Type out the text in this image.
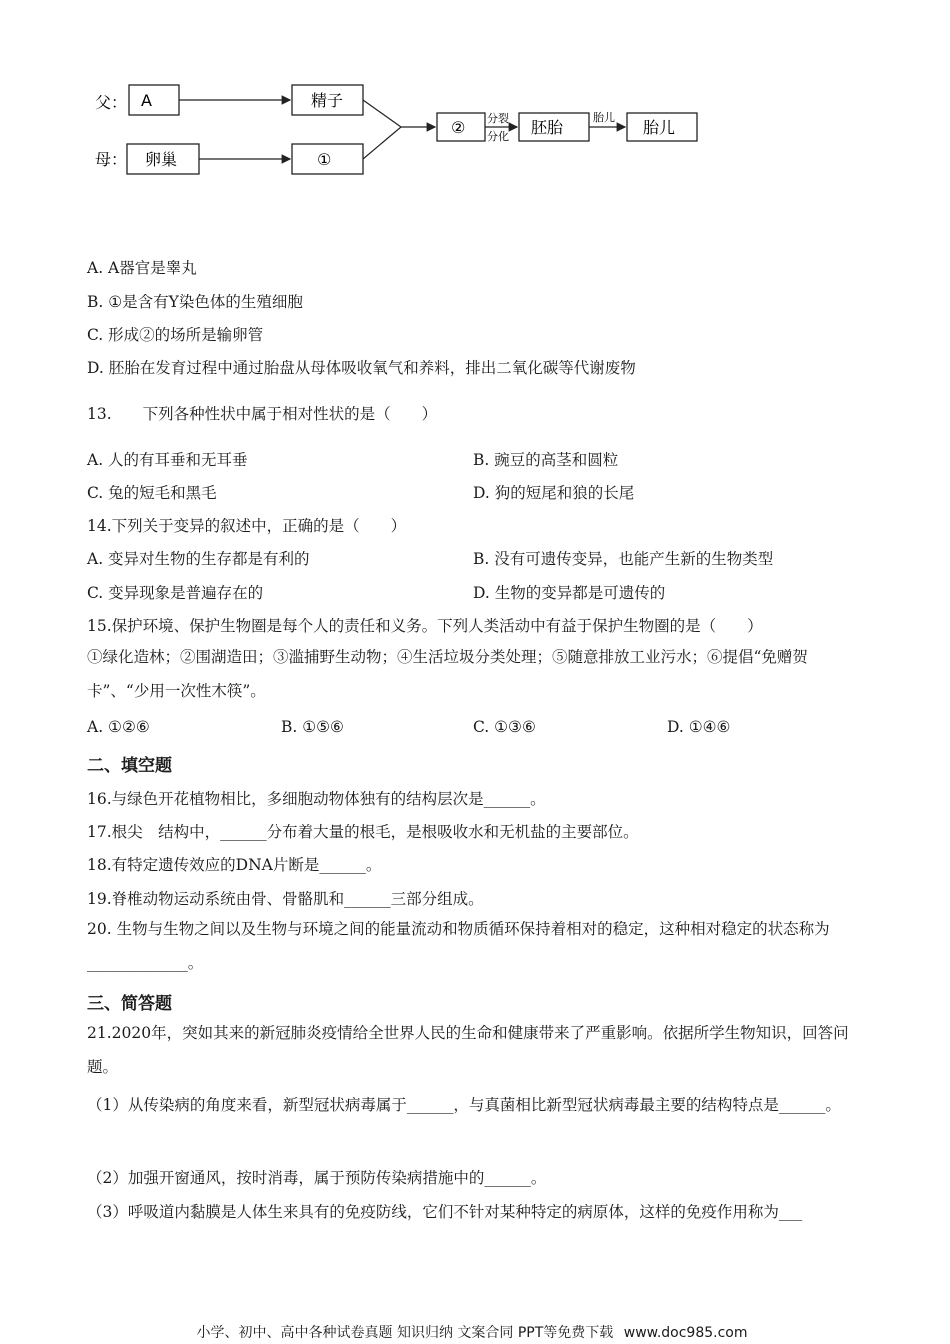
父：
母：
A	精子
卵巢	①
②	胚胎	胎儿
分裂
分化
胎儿
A. A器官是睾丸
B. ①是含有Y染色体的生殖细胞
C. 形成②的场所是输卵管
D. 胚胎在发育过程中通过胎盘从母体吸收氧气和养料，排出二氧化碳等代谢废物
13.　　下列各种性状中属于相对性状的是（　　）
A. 人的有耳垂和无耳垂	B. 豌豆的高茎和圆粒
C. 兔的短毛和黑毛	D. 狗的短尾和狼的长尾
14.下列关于变异的叙述中，正确的是（　　）
A. 变异对生物的生存都是有利的	B. 没有可遗传变异，也能产生新的生物类型
C. 变异现象是普遍存在的	D. 生物的变异都是可遗传的
15.保护环境、保护生物圈是每个人的责任和义务。下列人类活动中有益于保护生物圈的是（　　）
①绿化造林；②围湖造田；③滥捕野生动物；④生活垃圾分类处理；⑤随意排放工业污水；⑥提倡“免赠贺卡”、“少用一次性木筷”。
A. ①②⑥	B. ①⑤⑥	C. ①③⑥	D. ①④⑥
二、填空题
16.与绿色开花植物相比，多细胞动物体独有的结构层次是______。
17.根尖　结构中，______分布着大量的根毛，是根吸收水和无机盐的主要部位。
18.有特定遗传效应的DNA片断是______。
19.脊椎动物运动系统由骨、骨骼肌和______三部分组成。
20. 生物与生物之间以及生物与环境之间的能量流动和物质循环保持着相对的稳定，这种相对稳定的状态称为_____________。
三、简答题
21.2020年，突如其来的新冠肺炎疫情给全世界人民的生命和健康带来了严重影响。依据所学生物知识，回答问题。
（1）从传染病的角度来看，新型冠状病毒属于______，与真菌相比新型冠状病毒最主要的结构特点是______。
（2）加强开窗通风，按时消毒，属于预防传染病措施中的______。
（3）呼吸道内黏膜是人体生来具有的免疫防线，它们不针对某种特定的病原体，这样的免疫作用称为___
小学、初中、高中各种试卷真题 知识归纳 文案合同 PPT等免费下载 www.doc985.com
